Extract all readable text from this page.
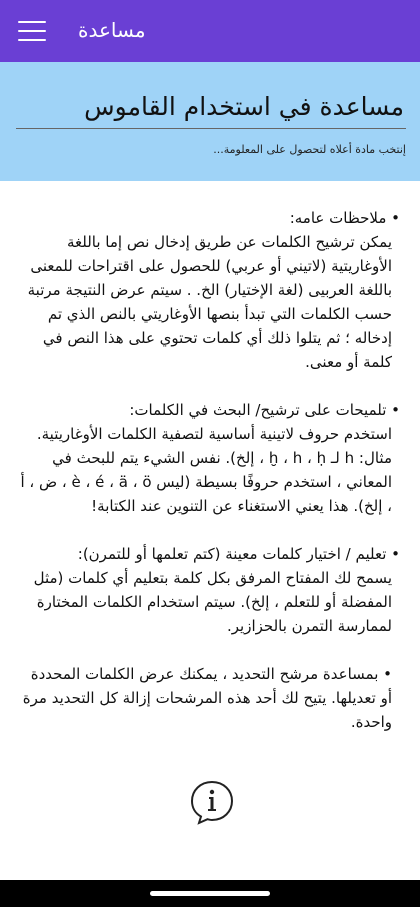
مساعدة
مساعدة في استخدام القاموس
إنتخب مادة أعلاه لتحصول على المعلومة...

• ملاحظات عامه:

يمكن ترشيح الكلمات عن طريق إدخال نص إما باللغة الأوغاريتية (لاتيني أو عربي) للحصول على اقتراحات للمعنى باللغة العربيى (لغة الإختيار) الخ. . سيتم عرض النتيجة مرتبة حسب الكلمات التي تبدأ بنصها الأوغاريتي بالنص الذي تم إدخاله ؛ ثم يتلوا ذلك أي كلمات تحتوي على هذا النص في كلمة أو معنى.

• تلميحات على ترشيح/ البحث في الكلمات:

استخدم حروف لاتينية أساسية لتصفية الكلمات الأوغاريتية. مثال: h لـ ḫ ، h ، ḥ ، إلخ). نفس الشيء يتم للبحث في المعاني ، استخدم حروفًا بسيطة (ليس è ، é ، ä ، ö ، ض ، أ ، إلخ). هذا يعني الاستغناء عن التنوين عند الكتابة!

• تعليم / اختيار كلمات معينة (كتم تعلمها أو للتمرن):

يسمح لك المفتاح المرفق بكل كلمة بتعليم أي كلمات (مثل المفضلة أو للتعلم ، إلخ). سيتم استخدام الكلمات المختارة لممارسة التمرن بالحزازير.

• بمساعدة مرشح التحديد ، يمكنك عرض الكلمات المحددة أو تعديلها. يتيح لك أحد هذه المرشحات إزالة كل التحديد مرة واحدة.
